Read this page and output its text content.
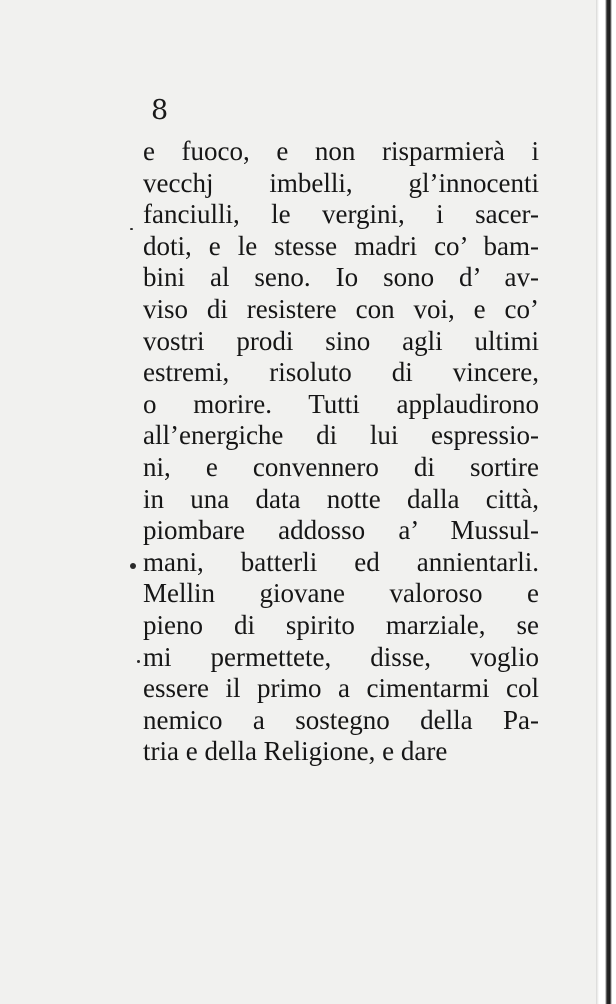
8
e fuoco, e non risparmierà i
vecchj imbelli, gl’innocenti
fanciulli, le vergini, i sacer-
doti, e le stesse madri co’ bam-
bini al seno. Io sono d’ av-
viso di resistere con voi, e co’
vostri prodi sino agli ultimi
estremi, risoluto di vincere,
o morire. Tutti applaudirono
all’energiche di lui espressio-
ni, e convennero di sortire
in una data notte dalla città,
piombare addosso a’ Mussul-
mani, batterli ed annientarli.
Mellin giovane valoroso e
pieno di spirito marziale, se
mi permettete, disse, voglio
essere il primo a cimentarmi col
nemico a sostegno della Pa-
tria e della Religione, e dare
